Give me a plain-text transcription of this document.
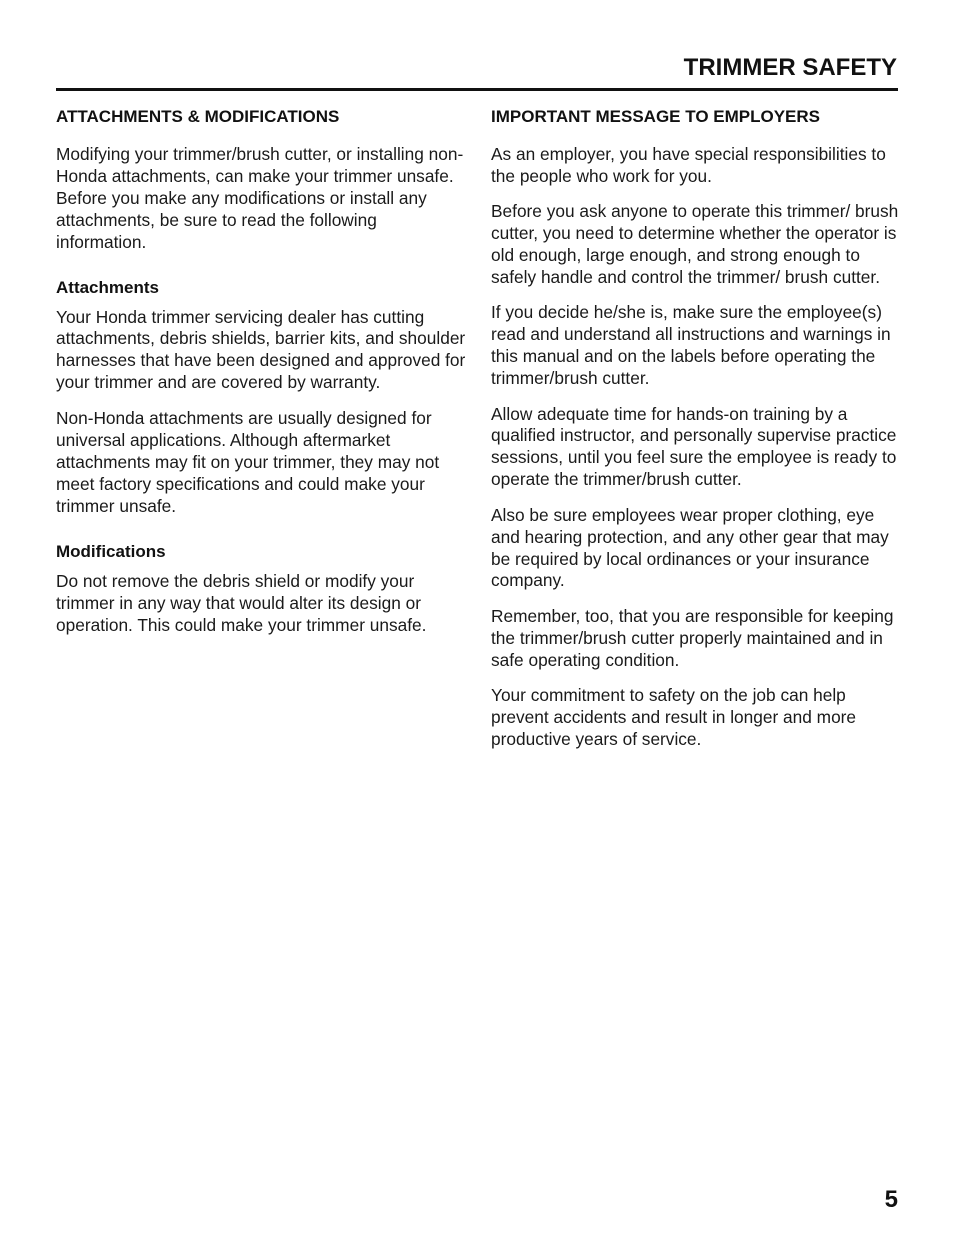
TRIMMER SAFETY
ATTACHMENTS & MODIFICATIONS

Modifying your trimmer/brush cutter, or installing non-Honda attachments, can make your trimmer unsafe. Before you make any modifications or install any attachments, be sure to read the following information.

Attachments

Your Honda trimmer servicing dealer has cutting attachments, debris shields, barrier kits, and shoulder harnesses that have been designed and approved for your trimmer and are covered by warranty.

Non-Honda attachments are usually designed for universal applications. Although aftermarket attachments may fit on your trimmer, they may not meet factory specifications and could make your trimmer unsafe.

Modifications

Do not remove the debris shield or modify your trimmer in any way that would alter its design or operation. This could make your trimmer unsafe.

IMPORTANT MESSAGE TO EMPLOYERS

As an employer, you have special responsibilities to the people who work for you.

Before you ask anyone to operate this trimmer/ brush cutter, you need to determine whether the operator is old enough, large enough, and strong enough to safely handle and control the trimmer/ brush cutter.

If you decide he/she is, make sure the employee(s) read and understand all instructions and warnings in this manual and on the labels before operating the trimmer/brush cutter.

Allow adequate time for hands-on training by a qualified instructor, and personally supervise practice sessions, until you feel sure the employee is ready to operate the trimmer/brush cutter.

Also be sure employees wear proper clothing, eye and hearing protection, and any other gear that may be required by local ordinances or your insurance company.

Remember, too, that you are responsible for keeping the trimmer/brush cutter properly maintained and in safe operating condition.

Your commitment to safety on the job can help prevent accidents and result in longer and more productive years of service.

5
